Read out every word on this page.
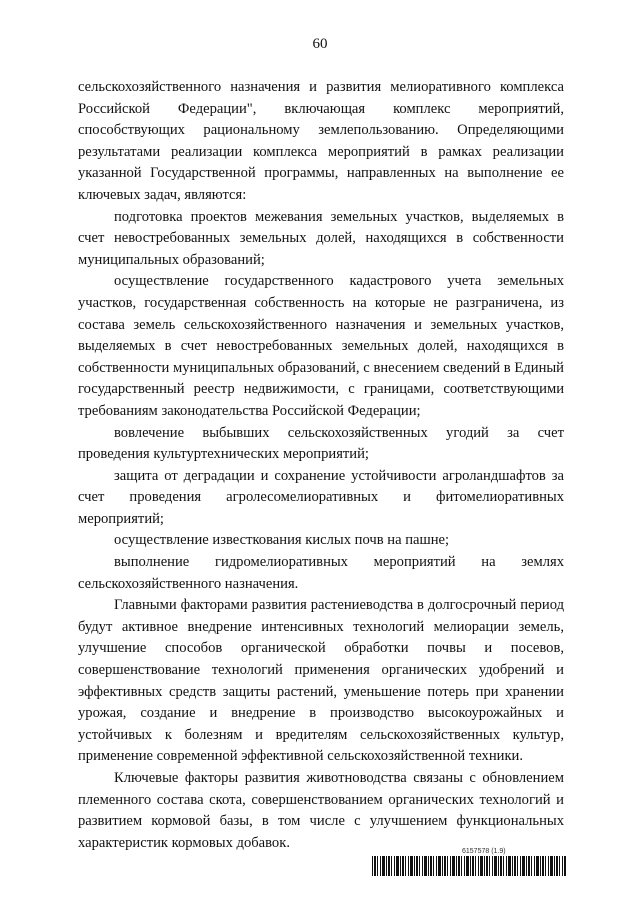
60

сельскохозяйственного назначения и развития мелиоративного комплекса Российской Федерации", включающая комплекс мероприятий, способствующих рациональному землепользованию. Определяющими результатами реализации комплекса мероприятий в рамках реализации указанной Государственной программы, направленных на выполнение ее ключевых задач, являются:

подготовка проектов межевания земельных участков, выделяемых в счет невостребованных земельных долей, находящихся в собственности муниципальных образований;

осуществление государственного кадастрового учета земельных участков, государственная собственность на которые не разграничена, из состава земель сельскохозяйственного назначения и земельных участков, выделяемых в счет невостребованных земельных долей, находящихся в собственности муниципальных образований, с внесением сведений в Единый государственный реестр недвижимости, с границами, соответствующими требованиям законодательства Российской Федерации;

вовлечение выбывших сельскохозяйственных угодий за счет проведения культуртехнических мероприятий;

защита от деградации и сохранение устойчивости агроландшафтов за счет проведения агролесомелиоративных и фитомелиоративных мероприятий;

осуществление известкования кислых почв на пашне;

выполнение гидромелиоративных мероприятий на землях сельскохозяйственного назначения.

Главными факторами развития растениеводства в долгосрочный период будут активное внедрение интенсивных технологий мелиорации земель, улучшение способов органической обработки почвы и посевов, совершенствование технологий применения органических удобрений и эффективных средств защиты растений, уменьшение потерь при хранении урожая, создание и внедрение в производство высокоурожайных и устойчивых к болезням и вредителям сельскохозяйственных культур, применение современной эффективной сельскохозяйственной техники.

Ключевые факторы развития животноводства связаны с обновлением племенного состава скота, совершенствованием органических технологий и развитием кормовой базы, в том числе с улучшением функциональных характеристик кормовых добавок.

6157578 (1.9)
